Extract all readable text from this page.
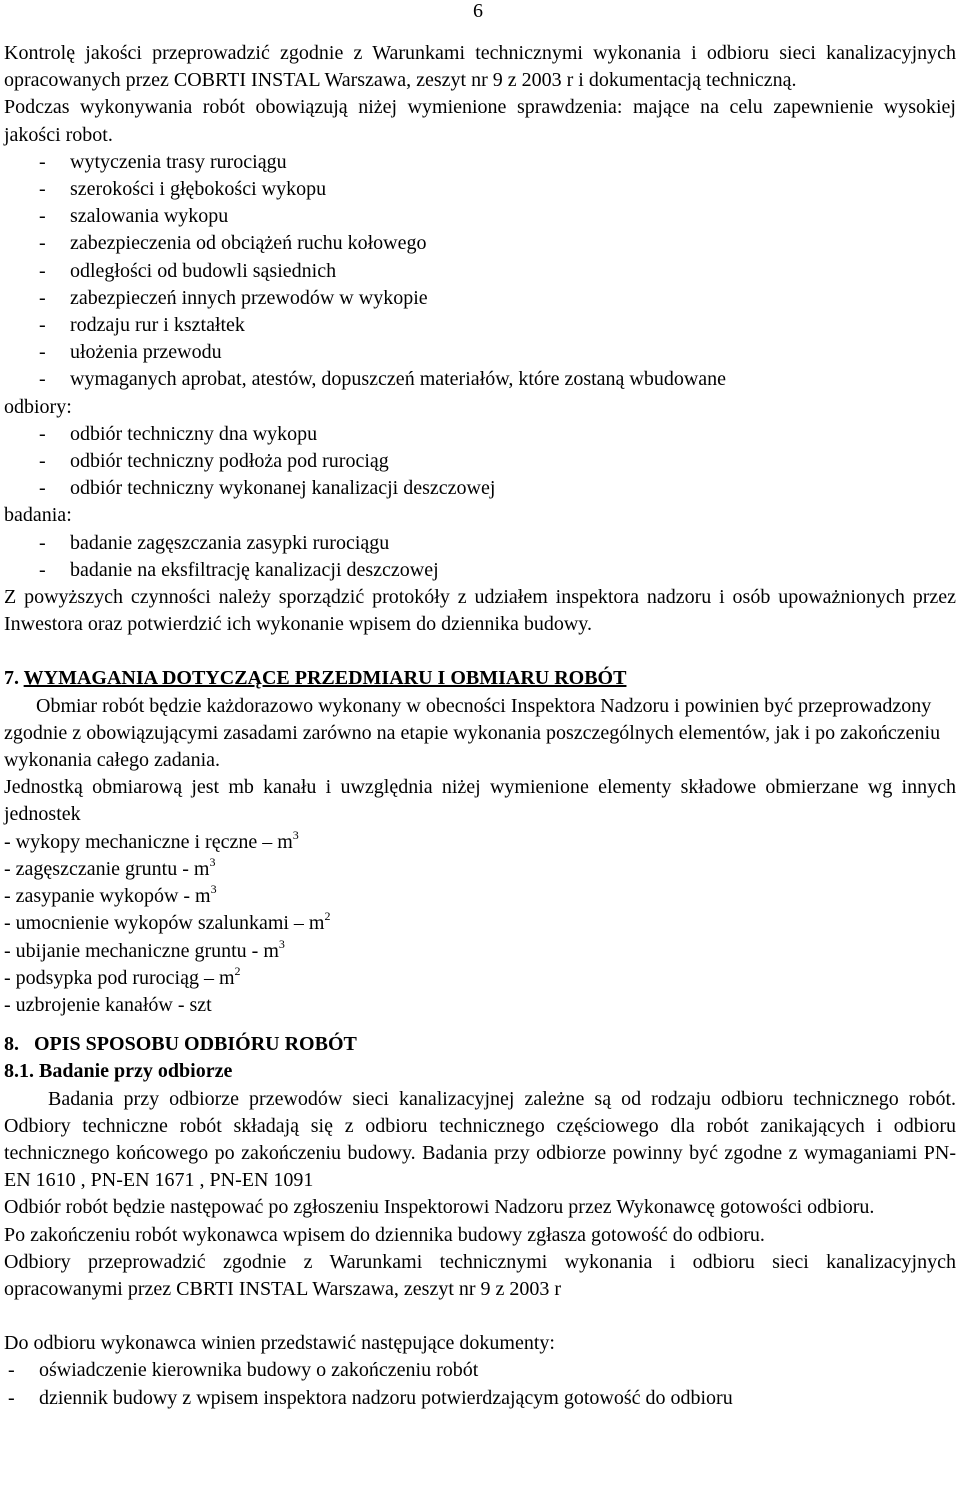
6

Kontrolę jakości przeprowadzić zgodnie z Warunkami technicznymi wykonania i odbioru sieci kanalizacyjnych opracowanych przez COBRTI INSTAL Warszawa, zeszyt nr 9 z 2003 r i dokumentacją techniczną.

Podczas wykonywania robót obowiązują niżej wymienione sprawdzenia: mające na celu zapewnienie wysokiej jakości robot.

- wytyczenia trasy rurociągu
- szerokości i głębokości wykopu
- szalowania wykopu
- zabezpieczenia od obciążeń ruchu kołowego
- odległości od budowli sąsiednich
- zabezpieczeń innych przewodów w wykopie
- rodzaju rur i kształtek
- ułożenia przewodu
- wymaganych aprobat, atestów, dopuszczeń materiałów, które zostaną wbudowane

odbiory:

- odbiór techniczny dna wykopu
- odbiór techniczny podłoża pod rurociąg
- odbiór techniczny wykonanej kanalizacji deszczowej

badania:

- badanie zagęszczania zasypki rurociągu
- badanie na eksfiltrację kanalizacji deszczowej

Z powyższych czynności należy sporządzić protokóły z udziałem inspektora nadzoru i osób upoważnionych przez Inwestora oraz potwierdzić ich wykonanie wpisem do dziennika budowy.

7. WYMAGANIA DOTYCZĄCE PRZEDMIARU I OBMIARU ROBÓT

Obmiar robót będzie każdorazowo wykonany w obecności Inspektora Nadzoru i powinien być przeprowadzony zgodnie z obowiązującymi zasadami zarówno na etapie wykonania poszczególnych elementów, jak i po zakończeniu wykonania całego zadania.

Jednostką obmiarową jest mb kanału i uwzględnia niżej wymienione elementy składowe obmierzane wg innych jednostek

- wykopy mechaniczne i ręczne – $m^3$
- zagęszczanie gruntu - $m^3$
- zasypanie wykopów - $m^3$
- umocnienie wykopów szalunkami – $m^2$
- ubijanie mechaniczne gruntu - $m^3$
- podsypka pod rurociąg – $m^2$
- uzbrojenie kanałów - szt
8.   OPIS SPOSOBU ODBIÓRU ROBÓT
8.1. Badanie przy odbiorze

Badania przy odbiorze przewodów sieci kanalizacyjnej zależne są od rodzaju odbioru technicznego robót. Odbiory techniczne robót składają się z odbioru technicznego częściowego dla robót zanikających i odbioru technicznego końcowego po zakończeniu budowy. Badania przy odbiorze powinny być zgodne z wymaganiami PN-EN 1610 , PN-EN 1671 , PN-EN 1091

Odbiór robót będzie następować po zgłoszeniu Inspektorowi Nadzoru przez Wykonawcę gotowości odbioru.

Po zakończeniu robót wykonawca wpisem do dziennika budowy zgłasza gotowość do odbioru.

Odbiory przeprowadzić zgodnie z Warunkami technicznymi wykonania i odbioru sieci kanalizacyjnych opracowanymi przez CBRTI INSTAL Warszawa, zeszyt nr 9 z 2003 r

Do odbioru wykonawca winien przedstawić następujące dokumenty:

- oświadczenie kierownika budowy o zakończeniu robót
- dziennik budowy z wpisem inspektora nadzoru potwierdzającym gotowość do odbioru
